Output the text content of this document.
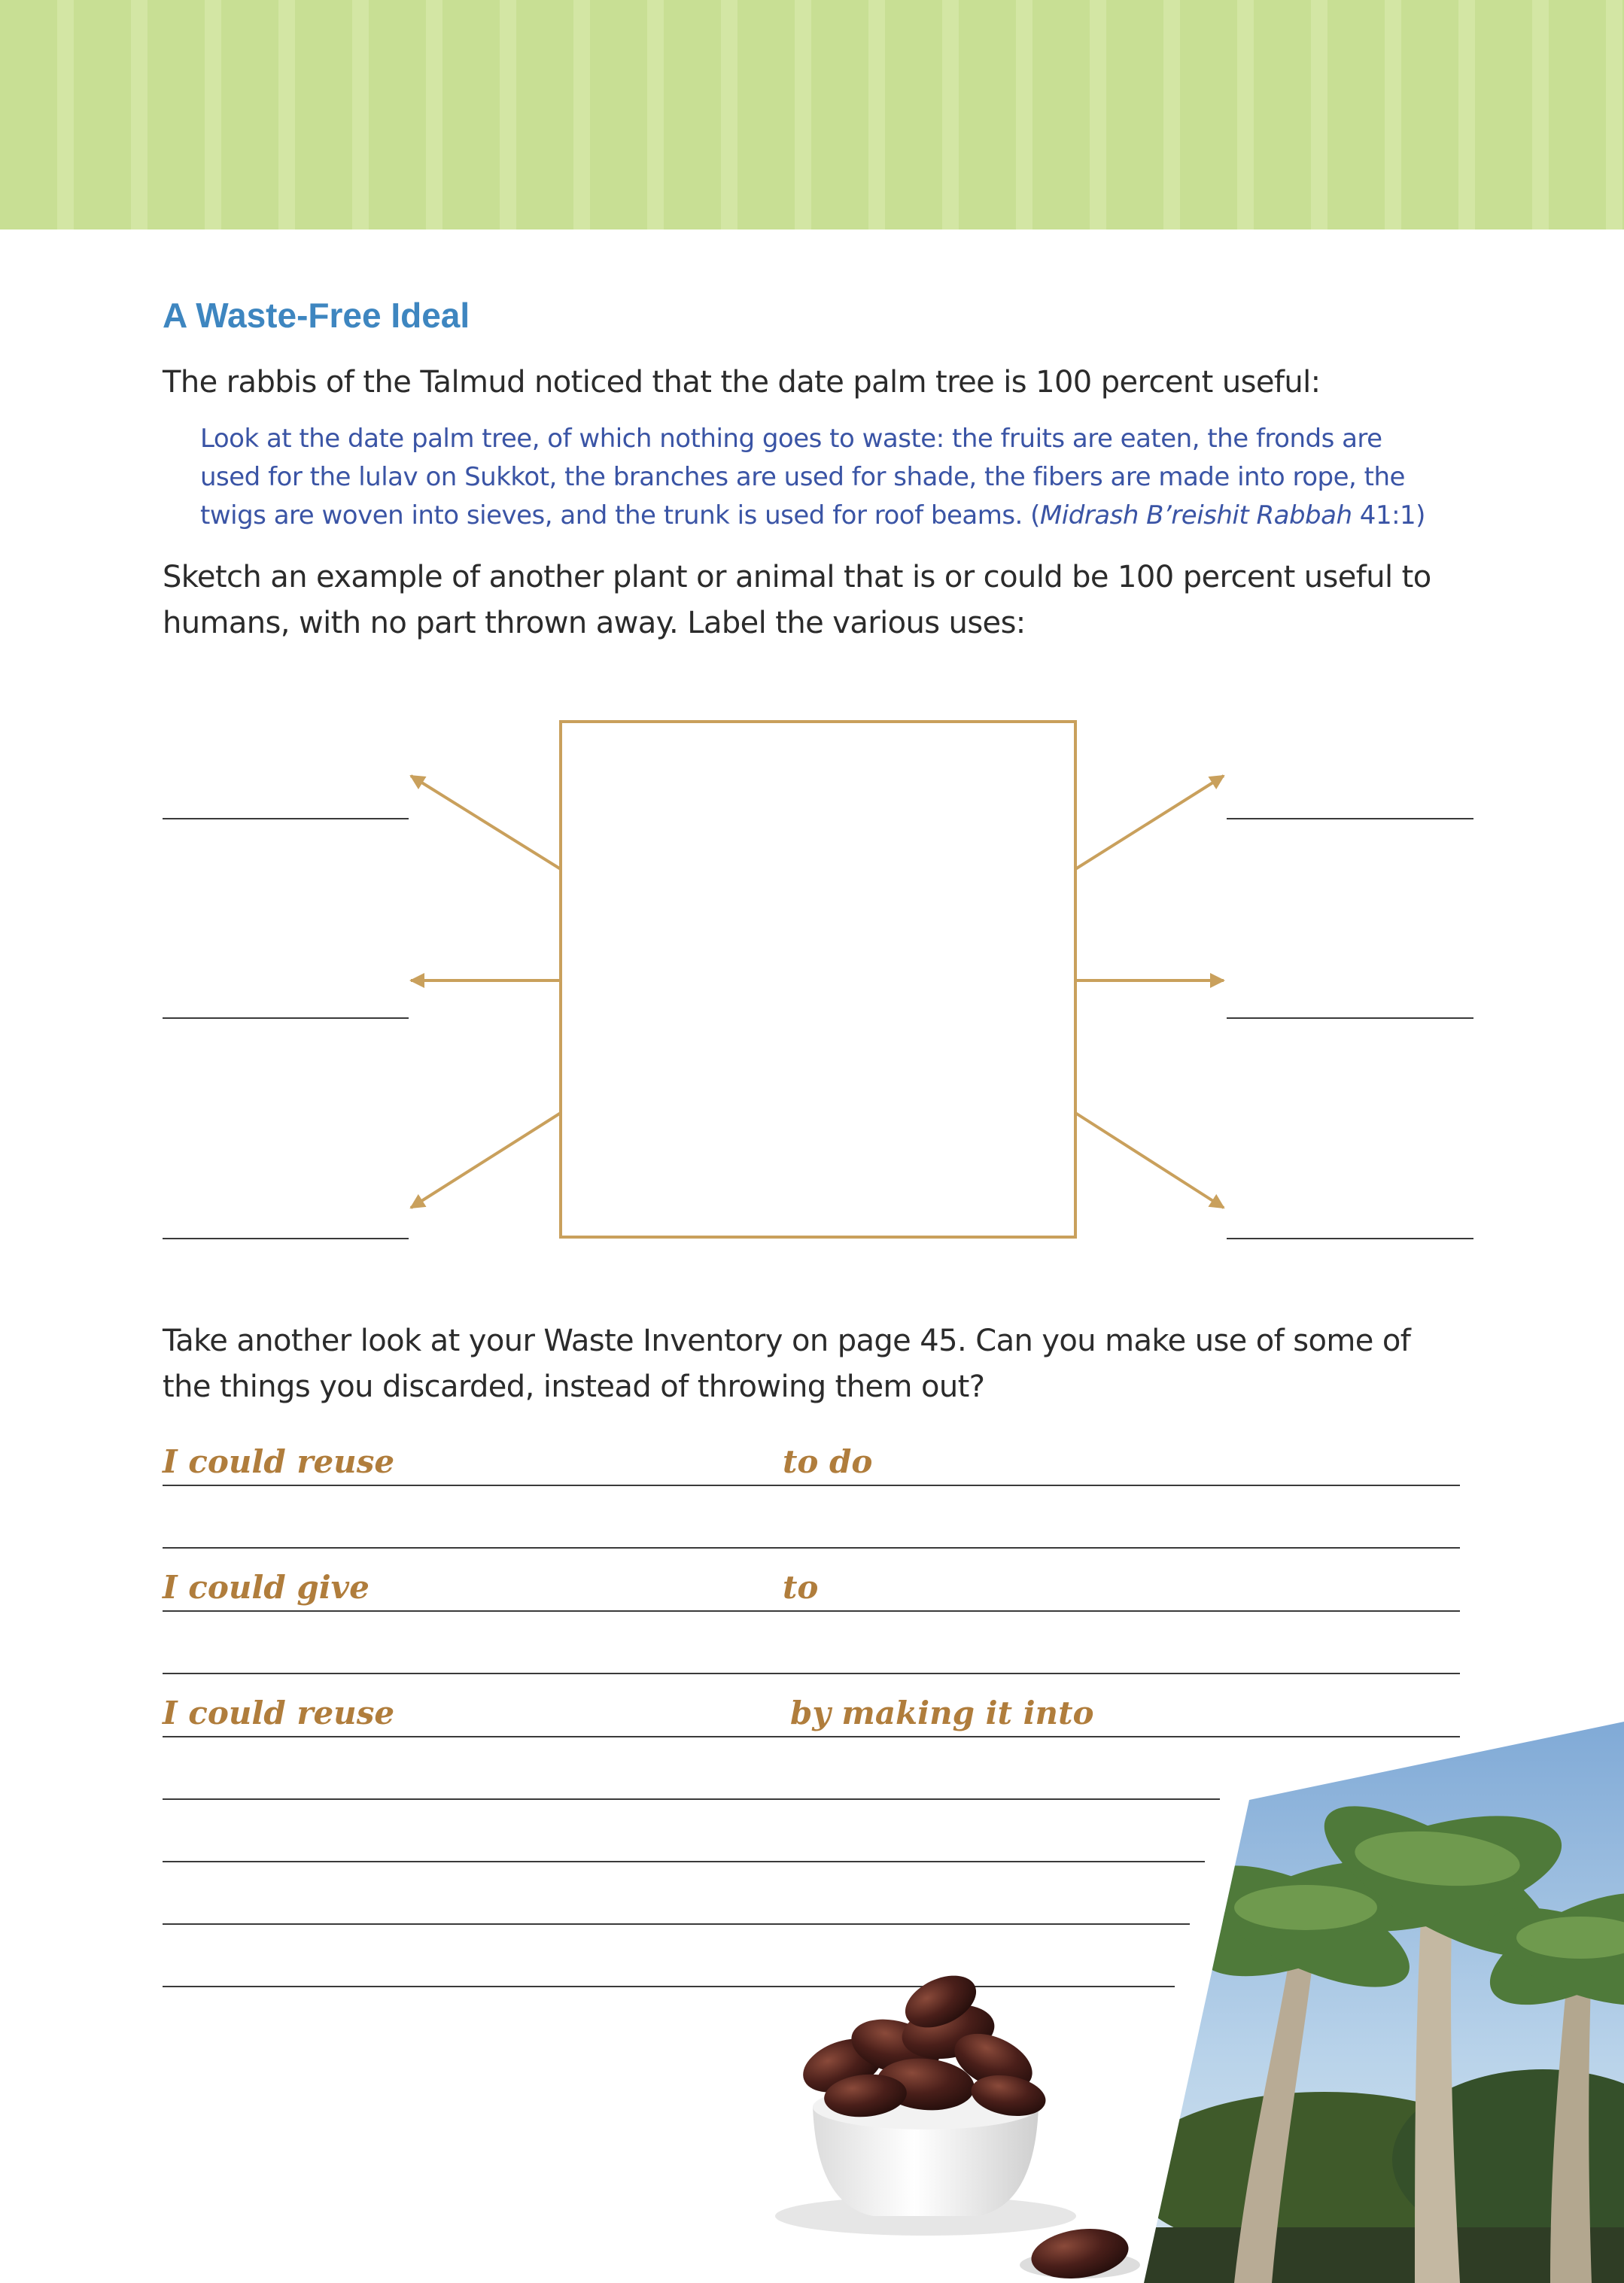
A Waste-Free Ideal

The rabbis of the Talmud noticed that the date palm tree is 100 percent useful:

Look at the date palm tree, of which nothing goes to waste: the fruits are eaten, the fronds are used for the lulav on Sukkot, the branches are used for shade, the fibers are made into rope, the twigs are woven into sieves, and the trunk is used for roof beams. (Midrash B’reishit Rabbah 41:1)

Sketch an example of another plant or animal that is or could be 100 percent useful to humans, with no part thrown away. Label the various uses:

Take another look at your Waste Inventory on page 45. Can you make use of some of the things you discarded, instead of throwing them out?

I could reuse	to do
I could give	to
I could reuse	by making it into
